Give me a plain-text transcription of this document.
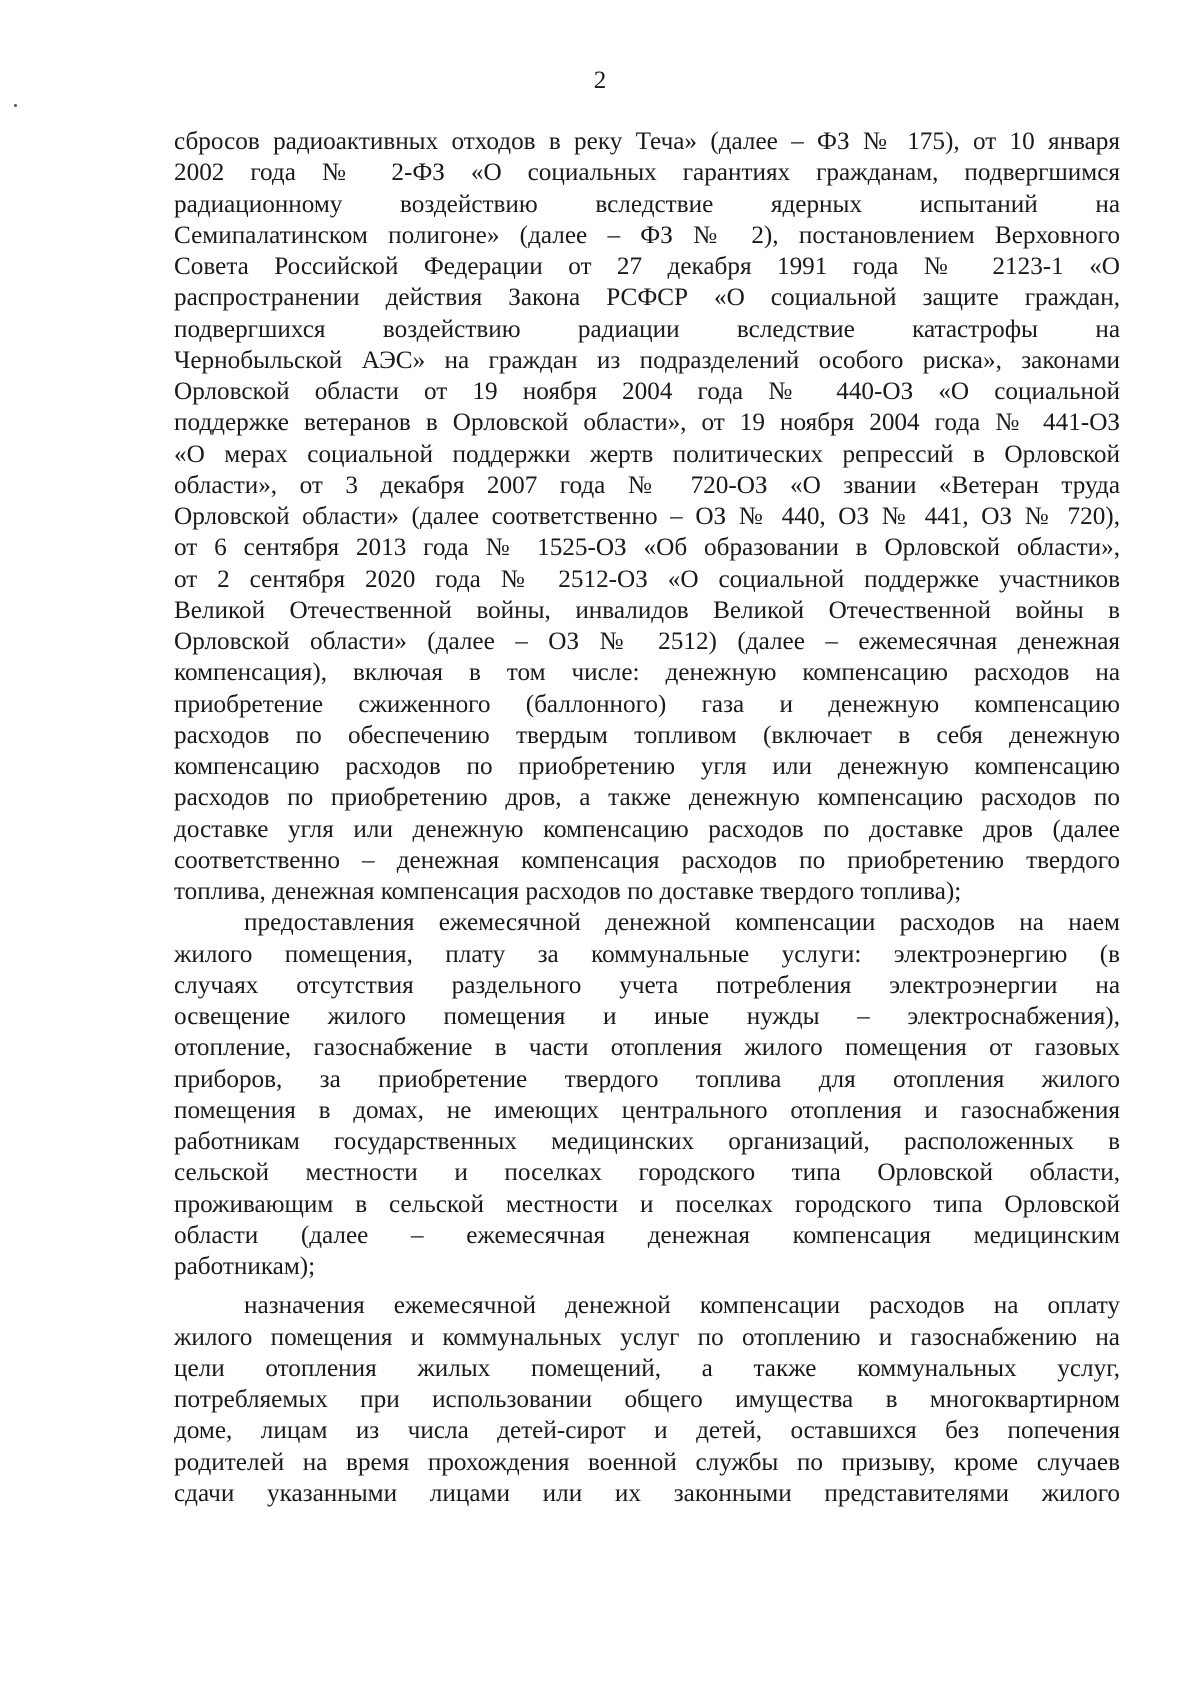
2
сбросов радиоактивных отходов в реку Теча» (далее – ФЗ № 175), от 10 января
2002 года № 2-ФЗ «О социальных гарантиях гражданам, подвергшимся
радиационному воздействию вследствие ядерных испытаний на
Семипалатинском полигоне» (далее – ФЗ № 2), постановлением Верховного
Совета Российской Федерации от 27 декабря 1991 года № 2123-1 «О
распространении действия Закона РСФСР «О социальной защите граждан,
подвергшихся воздействию радиации вследствие катастрофы на
Чернобыльской АЭС» на граждан из подразделений особого риска», законами
Орловской области от 19 ноября 2004 года № 440-ОЗ «О социальной
поддержке ветеранов в Орловской области», от 19 ноября 2004 года № 441-ОЗ
«О мерах социальной поддержки жертв политических репрессий в Орловской
области», от 3 декабря 2007 года № 720-ОЗ «О звании «Ветеран труда
Орловской области» (далее соответственно – ОЗ № 440, ОЗ № 441, ОЗ № 720),
от 6 сентября 2013 года № 1525-ОЗ «Об образовании в Орловской области»,
от 2 сентября 2020 года № 2512-ОЗ «О социальной поддержке участников
Великой Отечественной войны, инвалидов Великой Отечественной войны в
Орловской области» (далее – ОЗ № 2512) (далее – ежемесячная денежная
компенсация), включая в том числе: денежную компенсацию расходов на
приобретение сжиженного (баллонного) газа и денежную компенсацию
расходов по обеспечению твердым топливом (включает в себя денежную
компенсацию расходов по приобретению угля или денежную компенсацию
расходов по приобретению дров, а также денежную компенсацию расходов по
доставке угля или денежную компенсацию расходов по доставке дров (далее
соответственно – денежная компенсация расходов по приобретению твердого
топлива, денежная компенсация расходов по доставке твердого топлива);
предоставления ежемесячной денежной компенсации расходов на наем
жилого помещения, плату за коммунальные услуги: электроэнергию (в
случаях отсутствия раздельного учета потребления электроэнергии на
освещение жилого помещения и иные нужды – электроснабжения),
отопление, газоснабжение в части отопления жилого помещения от газовых
приборов, за приобретение твердого топлива для отопления жилого
помещения в домах, не имеющих центрального отопления и газоснабжения
работникам государственных медицинских организаций, расположенных в
сельской местности и поселках городского типа Орловской области,
проживающим в сельской местности и поселках городского типа Орловской
области (далее – ежемесячная денежная компенсация медицинским
работникам);
назначения ежемесячной денежной компенсации расходов на оплату
жилого помещения и коммунальных услуг по отоплению и газоснабжению на
цели отопления жилых помещений, а также коммунальных услуг,
потребляемых при использовании общего имущества в многоквартирном
доме, лицам из числа детей-сирот и детей, оставшихся без попечения
родителей на время прохождения военной службы по призыву, кроме случаев
сдачи указанными лицами или их законными представителями жилого
